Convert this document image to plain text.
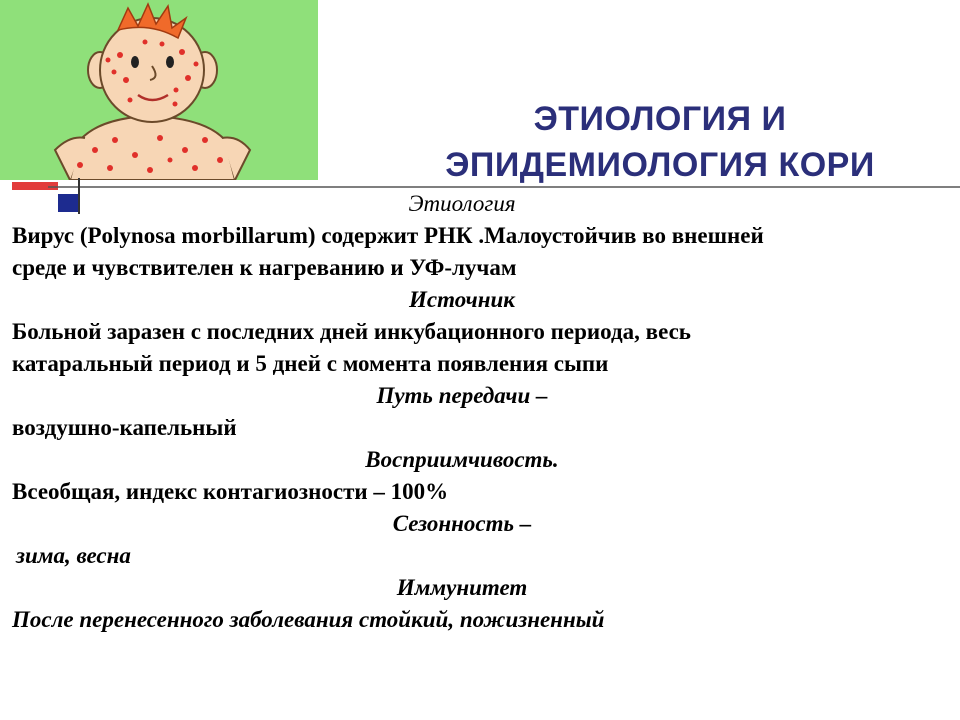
ЭТИОЛОГИЯ И
ЭПИДЕМИОЛОГИЯ КОРИ
Этиология
Вирус (Polynosa morbillarum) содержит РНК .Малоустойчив во внешней
среде и чувствителен к нагреванию и УФ-лучам
Источник
Больной заразен с последних дней инкубационного периода, весь
катаральный период и 5 дней с момента появления сыпи
Путь передачи –
воздушно-капельный
Восприимчивость.
Всеобщая, индекс контагиозности – 100%
Сезонность –
зима, весна
Иммунитет
После перенесенного заболевания стойкий, пожизненный
